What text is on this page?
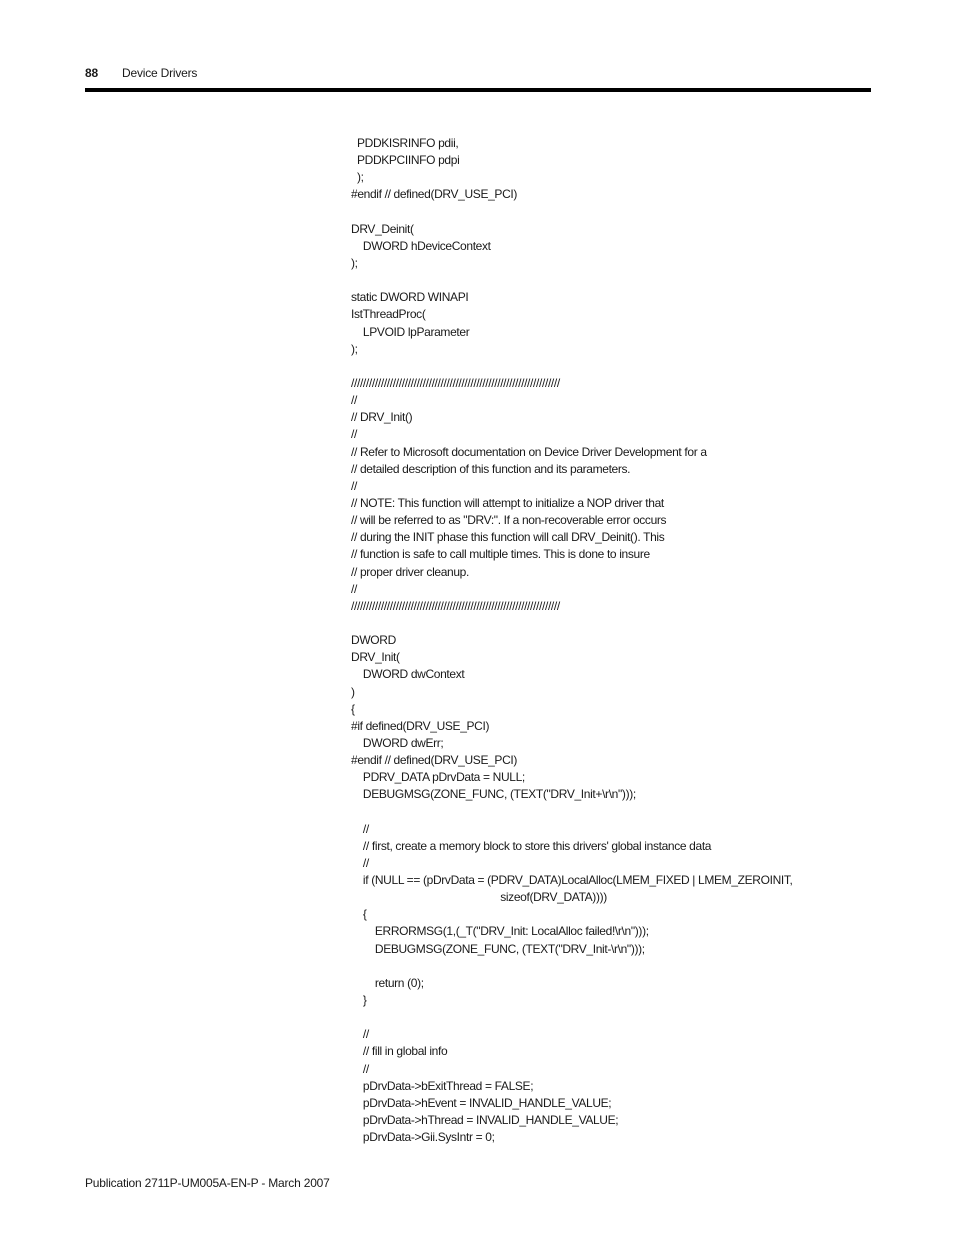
88 Device Drivers
PDDKISRINFO pdii,
PDDKPCIINFO pdpi
);
#endif // defined(DRV_USE_PCI)
DRV_Deinit(
DWORD hDeviceContext
);
static DWORD WINAPI
IstThreadProc(
LPVOID lpParameter
);
//////////////////////////////////////////////////////////////////////
//
// DRV_Init()
//
// Refer to Microsoft documentation on Device Driver Development for a
// detailed description of this function and its parameters.
//
// NOTE: This function will attempt to initialize a NOP driver that
// will be referred to as "DRV:". If a non-recoverable error occurs
// during the INIT phase this function will call DRV_Deinit(). This
// function is safe to call multiple times. This is done to insure
// proper driver cleanup.
//
//////////////////////////////////////////////////////////////////////
DWORD
DRV_Init(
DWORD dwContext
)
{
#if defined(DRV_USE_PCI)
DWORD dwErr;
#endif // defined(DRV_USE_PCI)
PDRV_DATA pDrvData = NULL;
DEBUGMSG(ZONE_FUNC, (TEXT("DRV_Init+\r\n")));
//
// first, create a memory block to store this drivers' global instance data
//
if (NULL == (pDrvData = (PDRV_DATA)LocalAlloc(LMEM_FIXED | LMEM_ZEROINIT,
sizeof(DRV_DATA))))
{
ERRORMSG(1,(_T("DRV_Init: LocalAlloc failed!\r\n")));
DEBUGMSG(ZONE_FUNC, (TEXT("DRV_Init-\r\n")));
return (0);
}
//
// fill in global info
//
pDrvData->bExitThread = FALSE;
pDrvData->hEvent = INVALID_HANDLE_VALUE;
pDrvData->hThread = INVALID_HANDLE_VALUE;
pDrvData->Gii.SysIntr = 0;
Publication 2711P-UM005A-EN-P - March 2007
